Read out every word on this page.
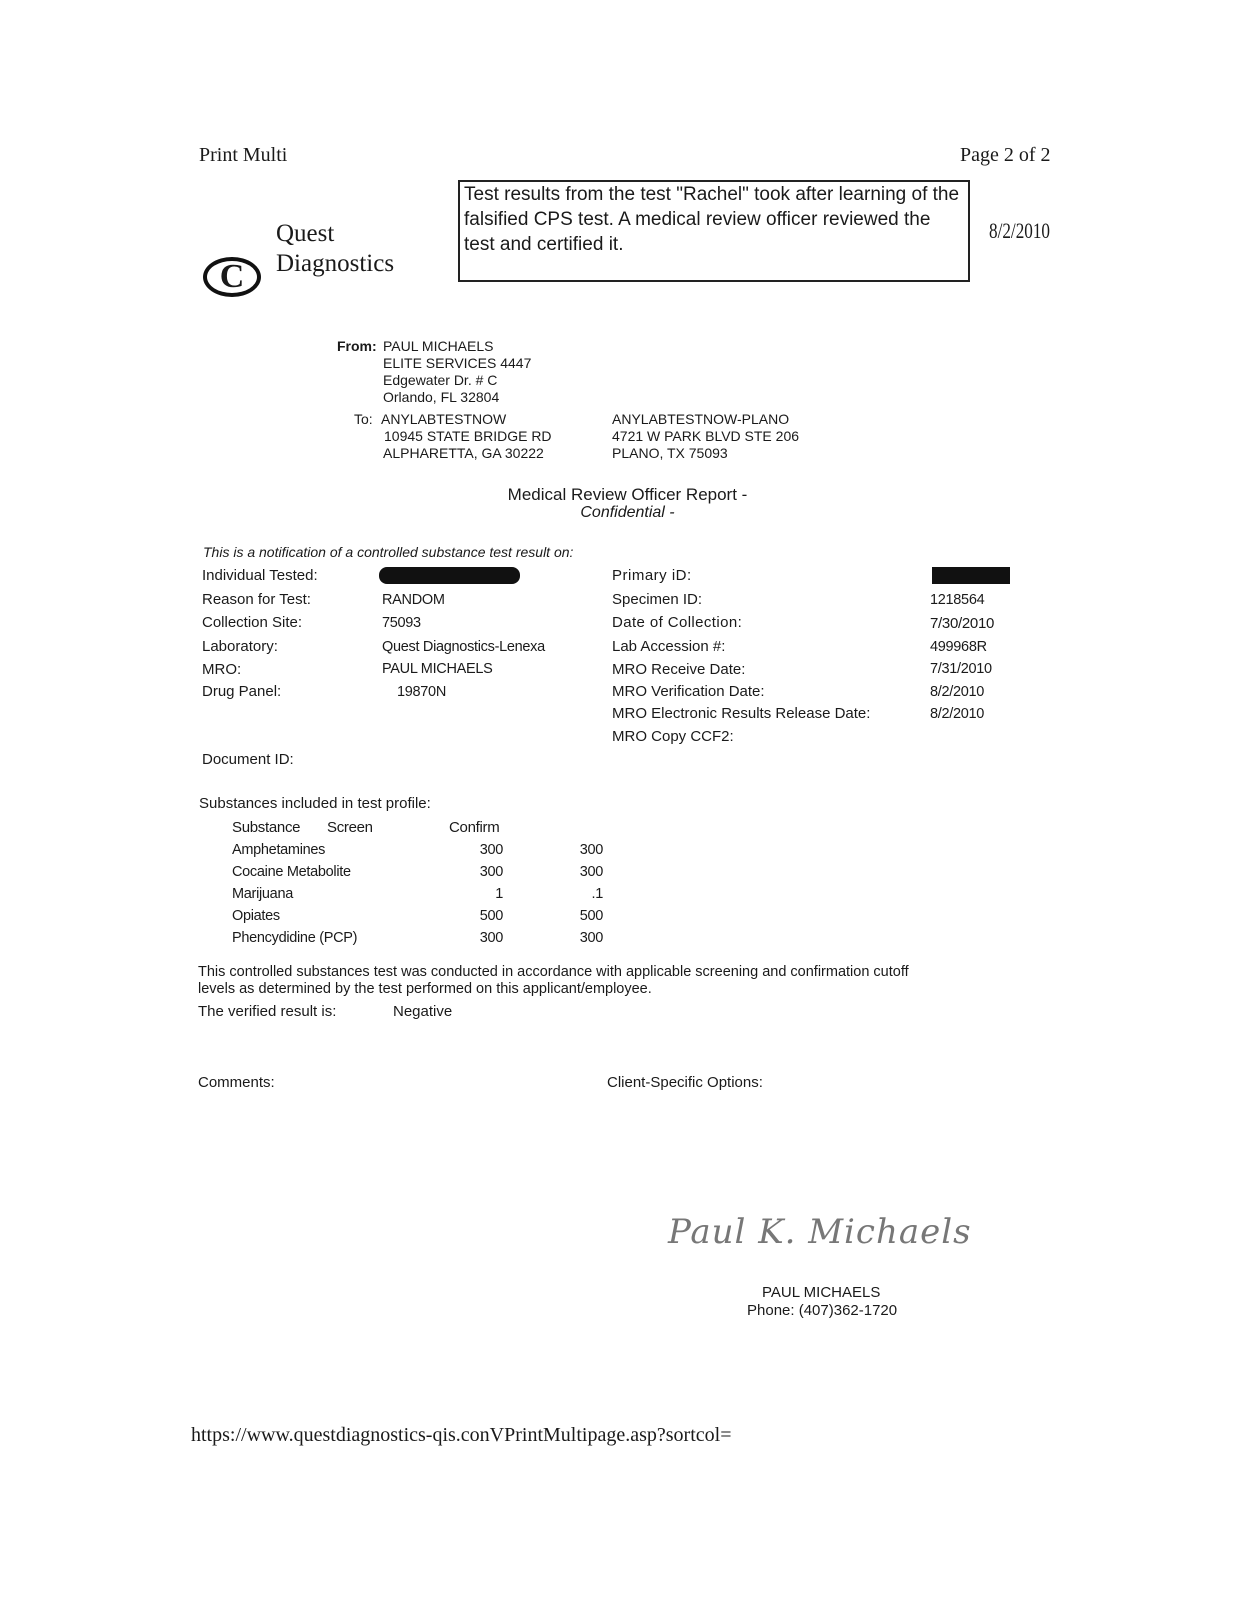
Print Multi	Page 2 of 2
8/2/2010
Quest
Diagnostics
C
Test results from the test "Rachel" took after learning of the falsified CPS test. A medical review officer reviewed the test and certified it.
From: PAUL MICHAELS
ELITE SERVICES 4447
Edgewater Dr. # C
Orlando, FL 32804
To: ANYLABTESTNOW
10945 STATE BRIDGE RD
ALPHARETTA, GA 30222
ANYLABTESTNOW-PLANO
4721 W PARK BLVD STE 206
PLANO, TX 75093
Medical Review Officer Report -
Confidential -
This is a notification of a controlled substance test result on:
Individual Tested:
Reason for Test:	RANDOM
Collection Site:	75093
Laboratory:	Quest Diagnostics-Lenexa
MRO:	PAUL MICHAELS
Drug Panel:	19870N
Primary iD:
Specimen ID:	1218564
Date of Collection:	7/30/2010
Lab Accession #:	499968R
MRO Receive Date:	7/31/2010
MRO Verification Date:	8/2/2010
MRO Electronic Results Release Date:	8/2/2010
MRO Copy CCF2:
Document ID:
Substances included in test profile:
Substance Screen	Confirm
Amphetamines	300	300
Cocaine Metabolite	300	300
Marijuana	1	.1
Opiates	500	500
Phencydidine (PCP)	300	300
This controlled substances test was conducted in accordance with applicable screening and confirmation cutoff
levels as determined by the test performed on this applicant/employee.
The verified result is:	Negative
Comments:	Client-Specific Options:
Paul K. Michaels
PAUL MICHAELS
Phone: (407)362-1720
https://www.questdiagnostics-qis.conVPrintMultipage.asp?sortcol=
